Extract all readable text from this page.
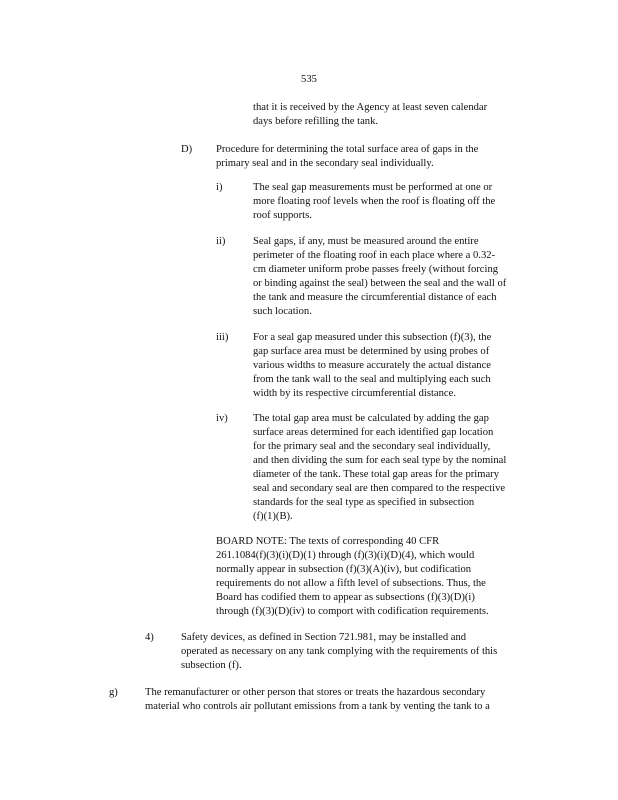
535

that it is received by the Agency at least seven calendar

days before refilling the tank.

D) Procedure for determining the total surface area of gaps in the

primary seal and in the secondary seal individually.

i)	The seal gap measurements must be performed at one or

more floating roof levels when the roof is floating off the

roof supports.

ii)	Seal gaps, if any, must be measured around the entire

perimeter of the floating roof in each place where a 0.32-

cm diameter uniform probe passes freely (without forcing

or binding against the seal) between the seal and the wall of

the tank and measure the circumferential distance of each

such location.

iii) For a seal gap measured under this subsection (f)(3), the

gap surface area must be determined by using probes of

various widths to measure accurately the actual distance

from the tank wall to the seal and multiplying each such

width by its respective circumferential distance.

iv) The total gap area must be calculated by adding the gap

surface areas determined for each identified gap location

for the primary seal and the secondary seal individually,

and then dividing the sum for each seal type by the nominal

diameter of the tank. These total gap areas for the primary

seal and secondary seal are then compared to the respective

standards for the seal type as specified in subsection

(f)(1)(B).

BOARD NOTE: The texts of corresponding 40 CFR

261.1084(f)(3)(i)(D)(1) through (f)(3)(i)(D)(4), which would

normally appear in subsection (f)(3)(A)(iv), but codification

requirements do not allow a fifth level of subsections. Thus, the

Board has codified them to appear as subsections (f)(3)(D)(i)

through (f)(3)(D)(iv) to comport with codification requirements.

4)	Safety devices, as defined in Section 721.981, may be installed and

operated as necessary on any tank complying with the requirements of this

subsection (f).

g)	The remanufacturer or other person that stores or treats the hazardous secondary

material who controls air pollutant emissions from a tank by venting the tank to a
